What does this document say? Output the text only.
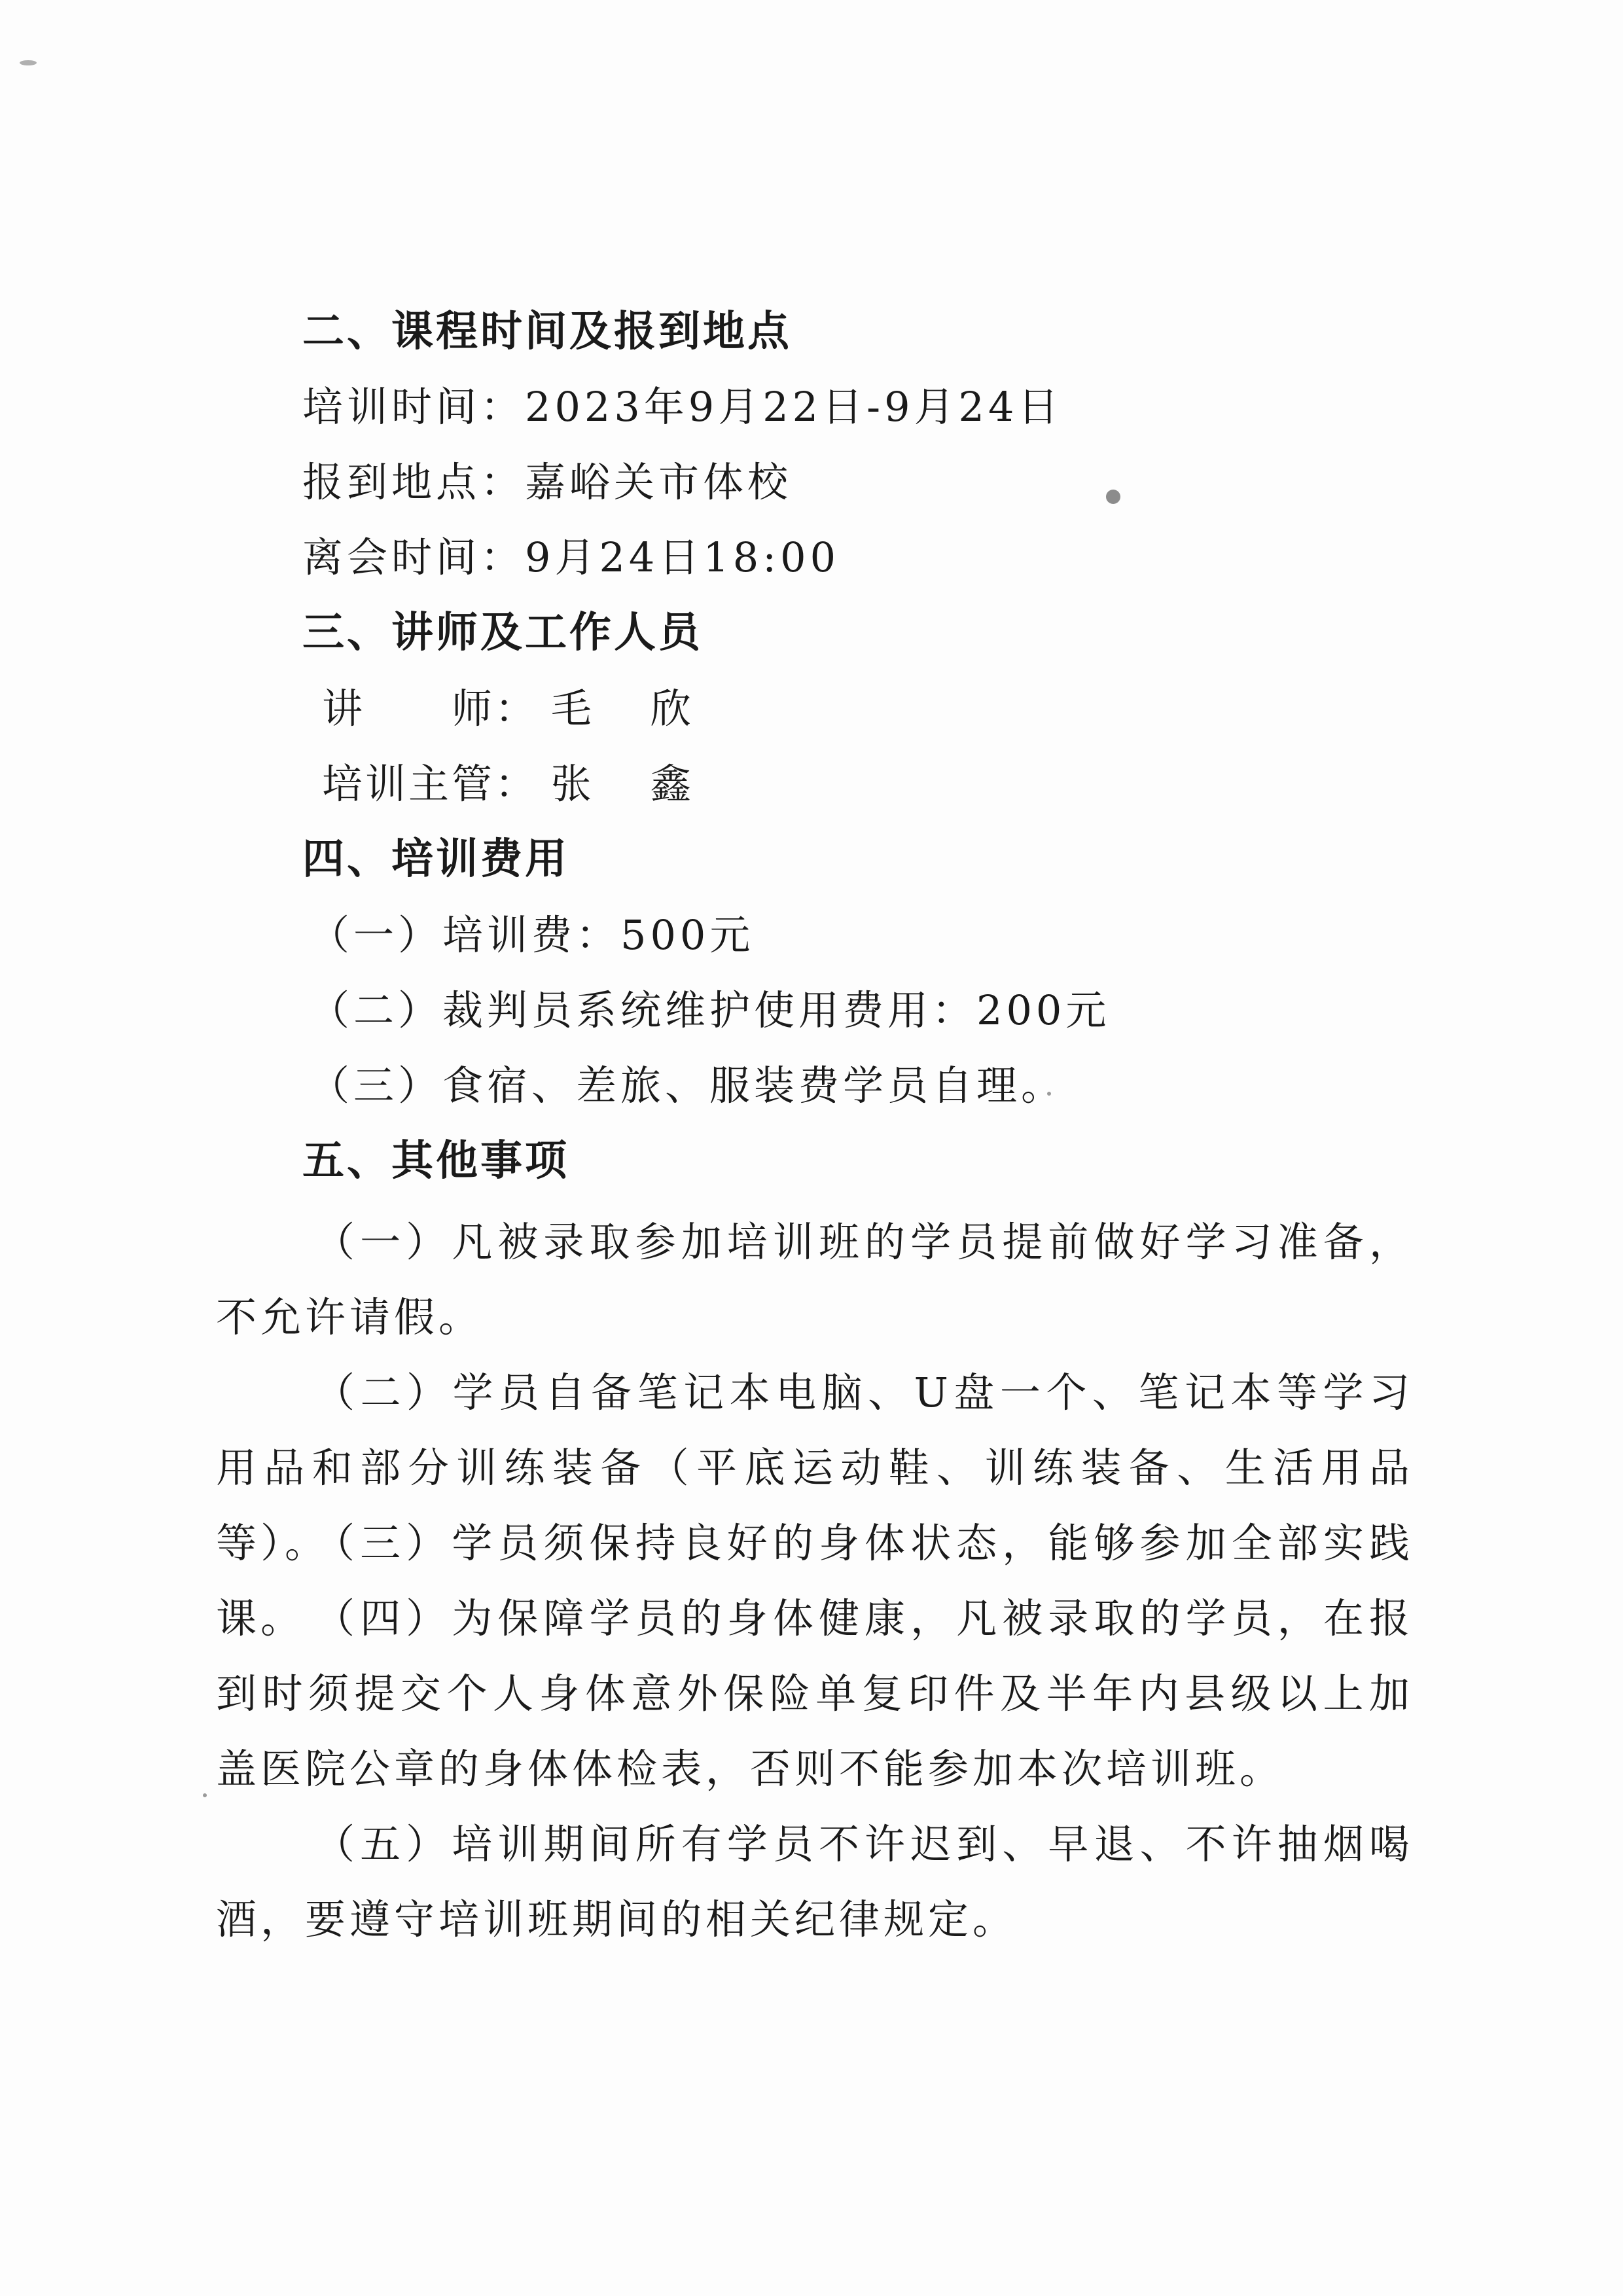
二、课程时间及报到地点
培训时间：2023年9月22日-9月24日
报到地点：嘉峪关市体校
离会时间：9月24日18:00
三、讲师及工作人员
讲　　师： 毛　欣
培训主管： 张　鑫
四、培训费用
（一）培训费：500元
（二）裁判员系统维护使用费用：200元
（三）食宿、差旅、服装费学员自理。
五、其他事项
（一）凡被录取参加培训班的学员提前做好学习准备，不允许请假。
（二）学员自备笔记本电脑、U盘一个、笔记本等学习用品和部分训练装备（平底运动鞋、训练装备、生活用品等）。
（三）学员须保持良好的身体状态，能够参加全部实践课。 （四）为保障学员的身体健康，凡被录取的学员，在报到时须提交个人身体意外保险单复印件及半年内县级以上加盖医院公章的身体体检表，否则不能参加本次培训班。
（五）培训期间所有学员不许迟到、早退、不许抽烟喝酒，要遵守培训班期间的相关纪律规定。
